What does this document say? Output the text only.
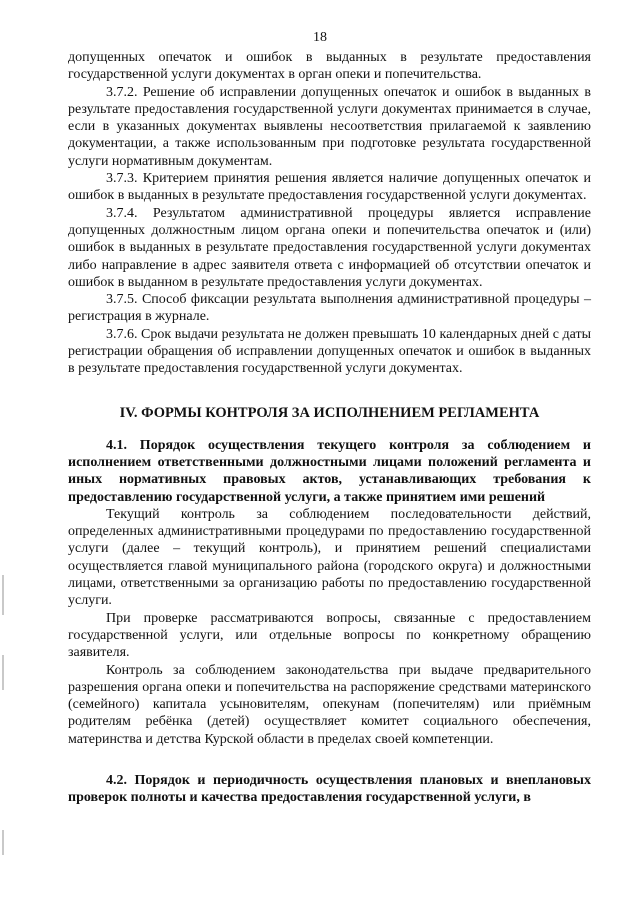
18

допущенных опечаток и ошибок в выданных в результате предоставления государственной услуги документах в орган опеки и попечительства.

3.7.2. Решение об исправлении допущенных опечаток и ошибок в выданных в результате предоставления государственной услуги документах принимается в случае, если в указанных документах выявлены несоответствия прилагаемой к заявлению документации, а также использованным при подготовке результата государственной услуги нормативным документам.

3.7.3. Критерием принятия решения является наличие допущенных опечаток и ошибок в выданных в результате предоставления государственной услуги документах.

3.7.4. Результатом административной процедуры является исправление допущенных должностным лицом органа опеки и попечительства опечаток и (или) ошибок в выданных в результате предоставления государственной услуги документах либо направление в адрес заявителя ответа с информацией об отсутствии опечаток и ошибок в выданном в результате предоставления услуги документах.

3.7.5. Способ фиксации результата выполнения административной процедуры – регистрация в журнале.

3.7.6. Срок выдачи результата не должен превышать 10 календарных дней с даты регистрации обращения об исправлении допущенных опечаток и ошибок в выданных в результате предоставления государственной услуги документах.

IV. ФОРМЫ КОНТРОЛЯ ЗА ИСПОЛНЕНИЕМ РЕГЛАМЕНТА

4.1. Порядок осуществления текущего контроля за соблюдением и исполнением ответственными должностными лицами положений регламента и иных нормативных правовых актов, устанавливающих требования к предоставлению государственной услуги, а также принятием ими решений

Текущий контроль за соблюдением последовательности действий, определенных административными процедурами по предоставлению государственной услуги (далее – текущий контроль), и принятием решений специалистами осуществляется главой муниципального района (городского округа) и должностными лицами, ответственными за организацию работы по предоставлению государственной услуги.

При проверке рассматриваются вопросы, связанные с предоставлением государственной услуги, или отдельные вопросы по конкретному обращению заявителя.

Контроль за соблюдением законодательства при выдаче предварительного разрешения органа опеки и попечительства на распоряжение средствами материнского (семейного) капитала усыновителям, опекунам (попечителям) или приёмным родителям ребёнка (детей) осуществляет комитет социального обеспечения, материнства и детства Курской области в пределах своей компетенции.

4.2. Порядок и периодичность осуществления плановых и внеплановых проверок полноты и качества предоставления государственной услуги, в
